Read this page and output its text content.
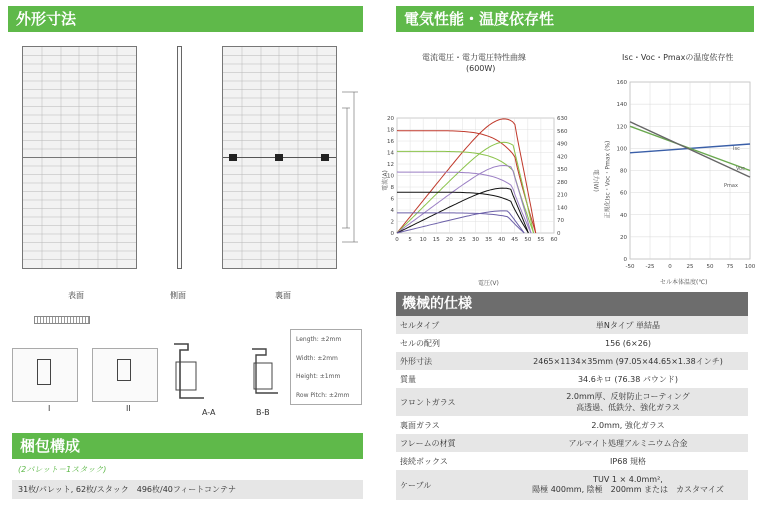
外形寸法	電気性能・温度依存性
梱包構成
機械的仕様
表面	側面	裏面
I	II	A-A	B-B
Length: ±2mm
Width: ±2mm
Height: ±1mm
Row Pitch: ±2mm
(2パレット＝1スタック)
31枚/パレット, 62枚/スタック　496枚/40フィートコンテナ
電流電圧・電力電圧特性曲線
(600W)
0 5 10 15 20 25 30 35 40 45 50 55 60
0
2
4
6
8
10
12
14
16
18
20
0
70
140
210
280
350
420
490
560
630
電流(A)	電力(W)
電圧(V)
Isc・Voc・Pmaxの温度依存性
-50 -25	0	25 50 75 100
0
20
40
60
80
100
120
140
160
正規化Isc・Voc・Pmax (%)
セル本体温度(℃)
Isc
Voc
Pmax
セルタイプ	単Nタイプ 単結晶
セルの配列	156 (6×26)
外形寸法	2465×1134×35mm (97.05×44.65×1.38インチ)
質量	34.6キロ (76.38 パウンド)
フロントガラス	2.0mm厚、反射防止コーティング
高透過、低鉄分、強化ガラス

裏面ガラス	2.0mm, 強化ガラス
フレームの材質	アルマイト処理アルミニウム合金
接続ボックス	IP68 規格
ケーブル	TUV 1 × 4.0mm²,
陽極 400mm, 陰極　200mm または　カスタマイズ
